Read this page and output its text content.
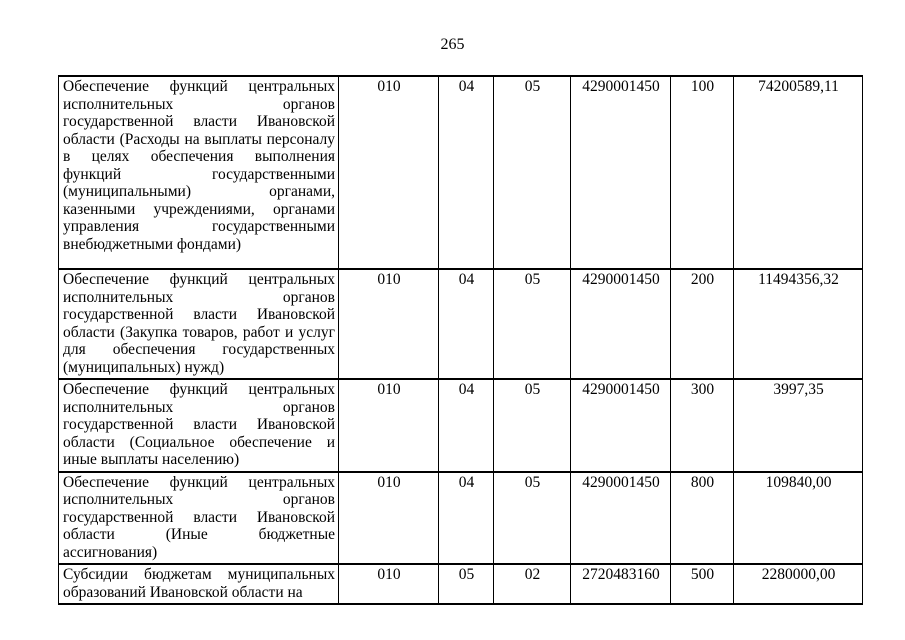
265
Обеспечение функций центральных исполнительных органов государственной власти Ивановской области (Расходы на выплаты персоналу в целях обеспечения выполнения функций государственными (муниципальными) органами, казенными учреждениями, органами управления государственными внебюджетными фондами)	010	04	05	4290001450	100	74200589,11
Обеспечение функций центральных исполнительных органов государственной власти Ивановской области (Закупка товаров, работ и услуг для обеспечения государственных (муниципальных) нужд)	010	04	05	4290001450	200	11494356,32
Обеспечение функций центральных исполнительных органов государственной власти Ивановской области (Социальное обеспечение и иные выплаты населению)	010	04	05	4290001450	300	3997,35
Обеспечение функций центральных исполнительных органов государственной власти Ивановской области (Иные бюджетные ассигнования)	010	04	05	4290001450	800	109840,00
Субсидии бюджетам муниципальных образований Ивановской области на	010	05	02	2720483160	500	2280000,00
